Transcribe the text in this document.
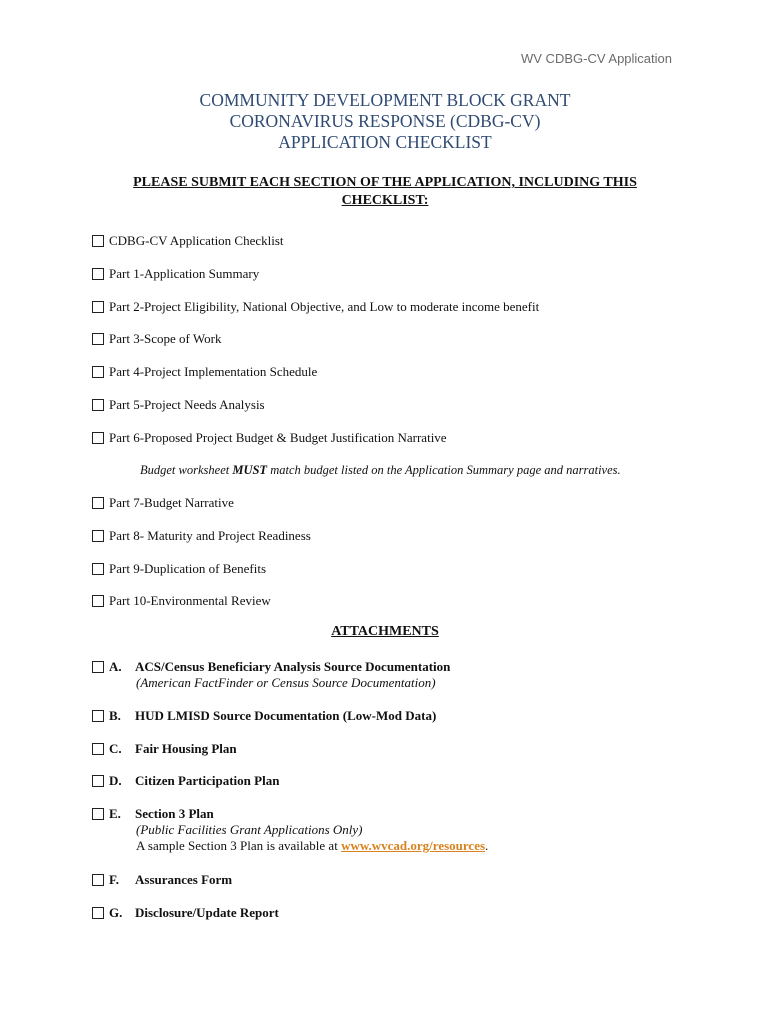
WV CDBG-CV Application
COMMUNITY DEVELOPMENT BLOCK GRANT
CORONAVIRUS RESPONSE (CDBG-CV)
APPLICATION CHECKLIST
PLEASE SUBMIT EACH SECTION OF THE APPLICATION, INCLUDING THIS CHECKLIST:
CDBG-CV Application Checklist
Part 1-Application Summary
Part 2-Project Eligibility, National Objective, and Low to moderate income benefit
Part 3-Scope of Work
Part 4-Project Implementation Schedule
Part 5-Project Needs Analysis
Part 6-Proposed Project Budget & Budget Justification Narrative
Budget worksheet MUST match budget listed on the Application Summary page and narratives.
Part 7-Budget Narrative
Part 8- Maturity and Project Readiness
Part 9-Duplication of Benefits
Part 10-Environmental Review
ATTACHMENTS
A. ACS/Census Beneficiary Analysis Source Documentation
(American FactFinder or Census Source Documentation)
B. HUD LMISD Source Documentation (Low-Mod Data)
C. Fair Housing Plan
D. Citizen Participation Plan
E. Section 3 Plan
(Public Facilities Grant Applications Only)
A sample Section 3 Plan is available at www.wvcad.org/resources.
F. Assurances Form
G. Disclosure/Update Report
